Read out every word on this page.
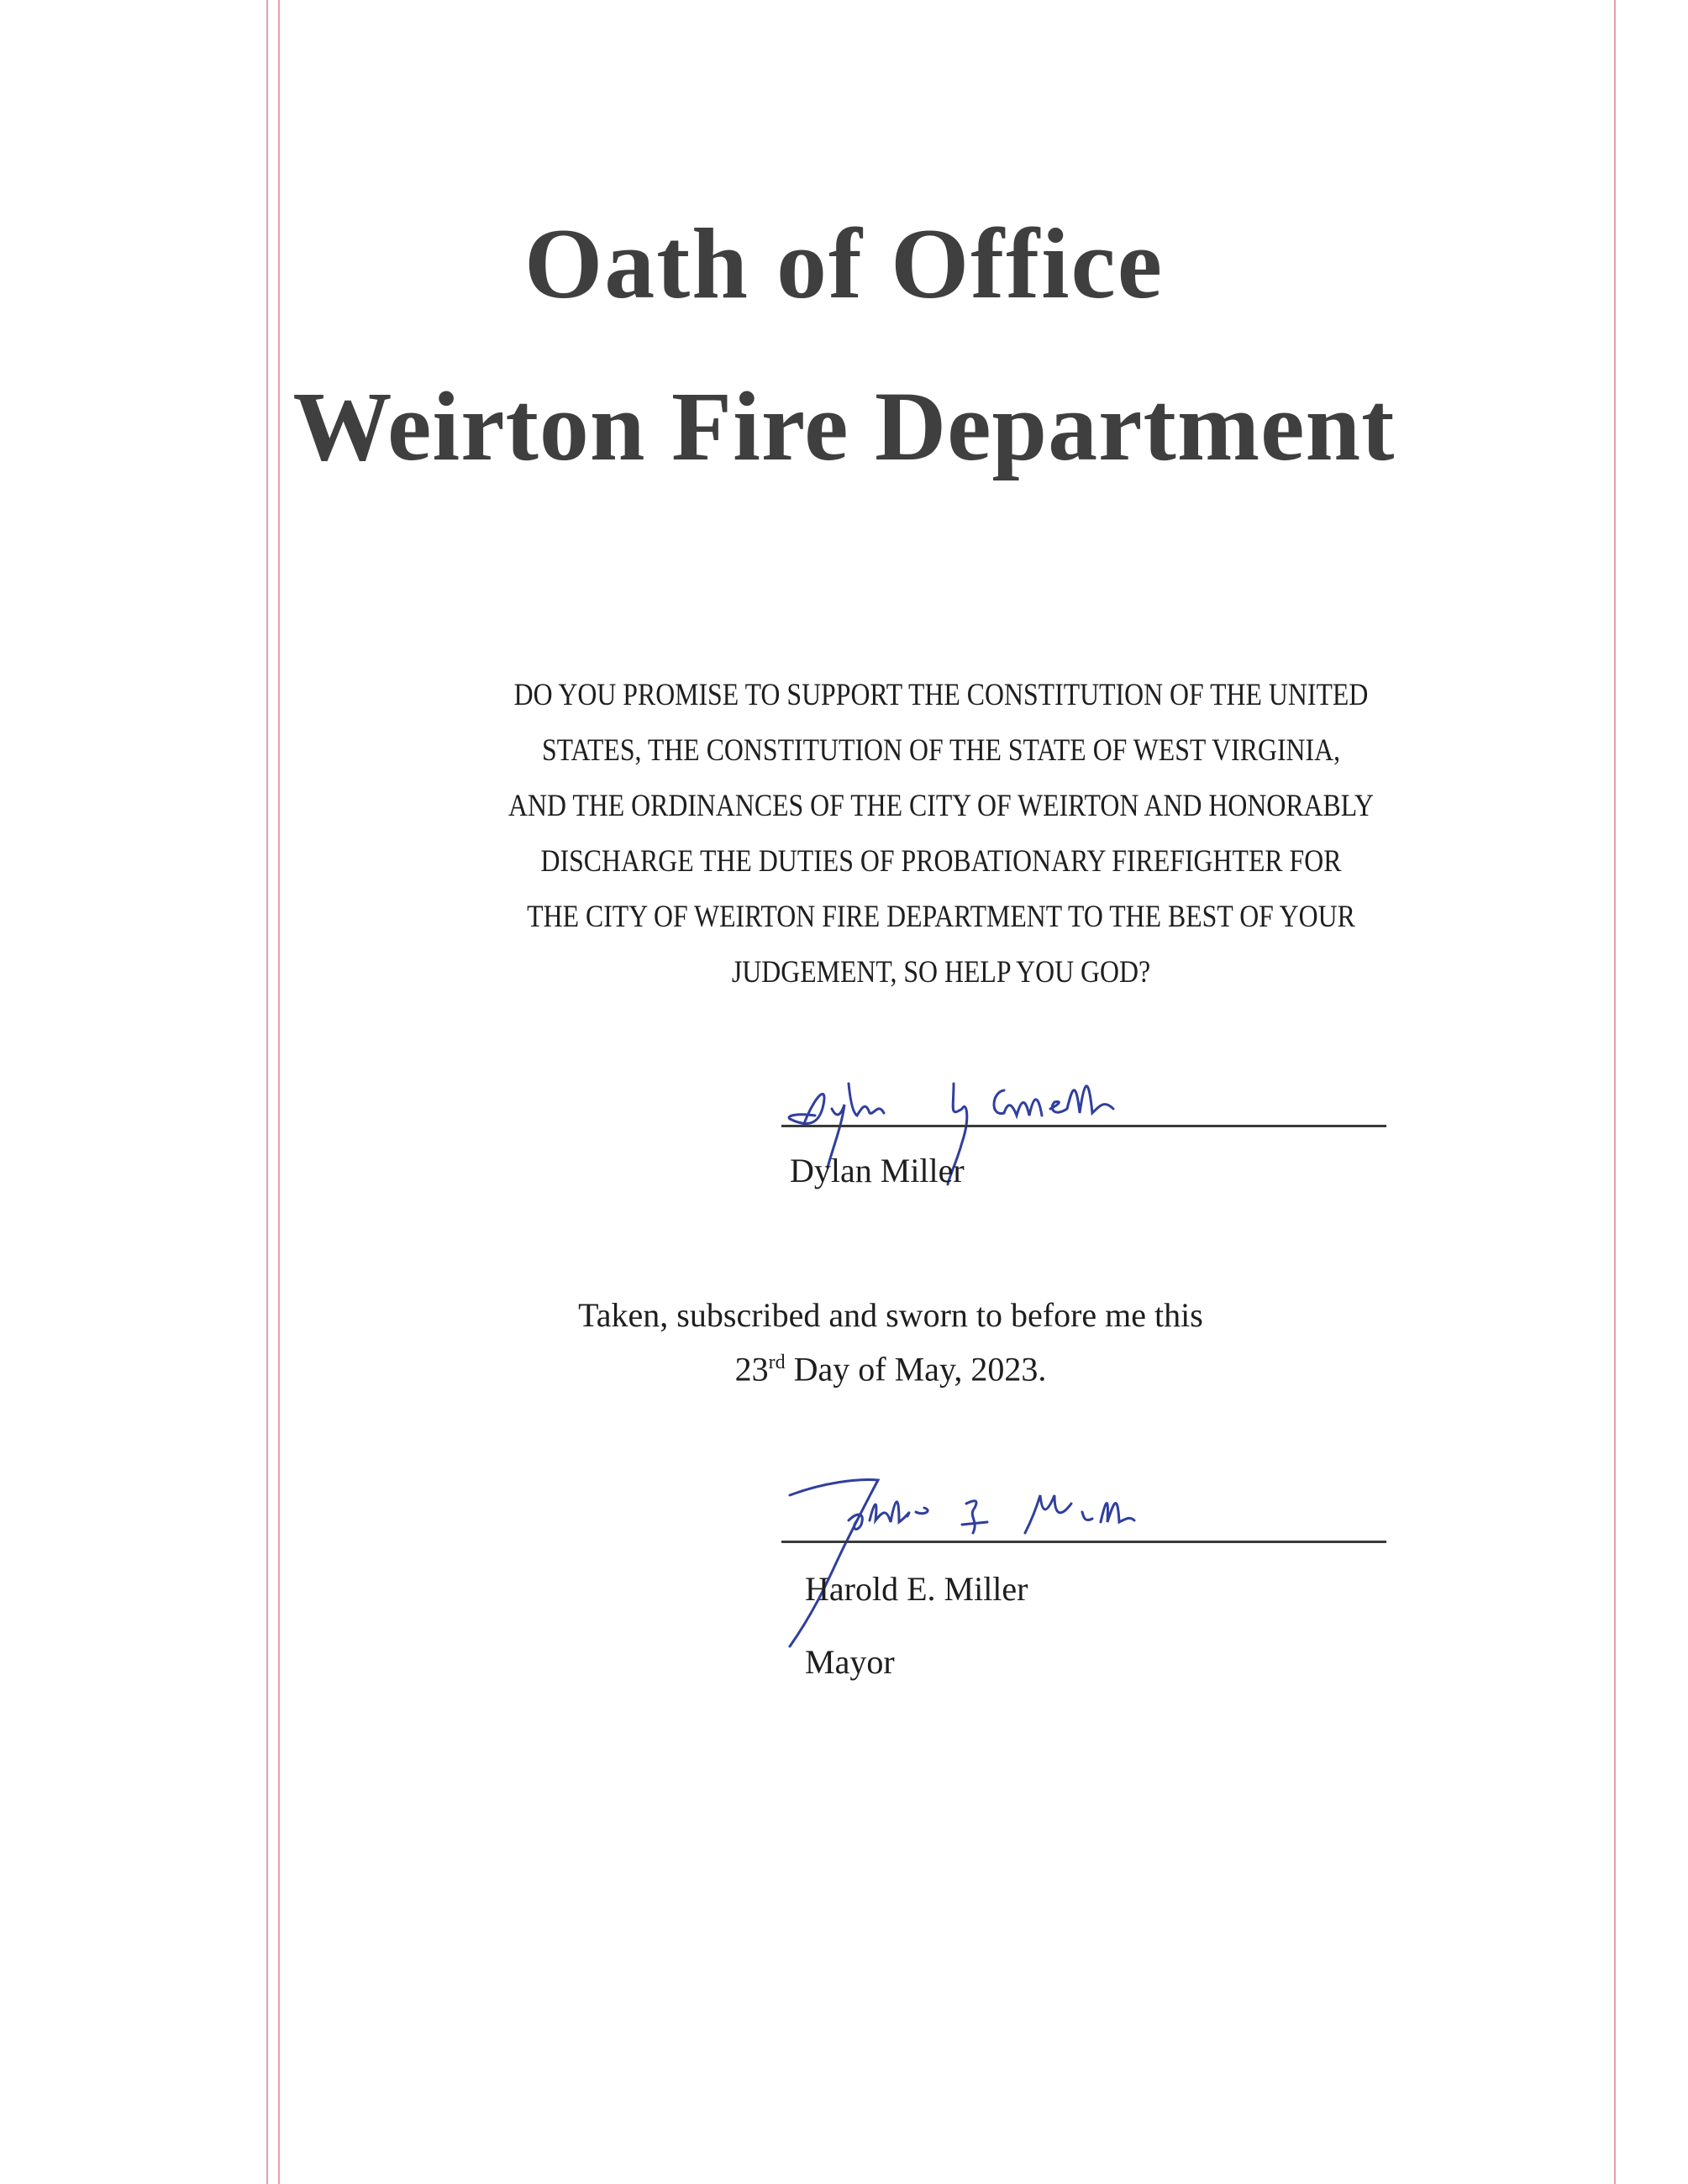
Oath of Office
Weirton Fire Department
DO YOU PROMISE TO SUPPORT THE CONSTITUTION OF THE UNITED
STATES, THE CONSTITUTION OF THE STATE OF WEST VIRGINIA,
AND THE ORDINANCES OF THE CITY OF WEIRTON AND HONORABLY
DISCHARGE THE DUTIES OF PROBATIONARY FIREFIGHTER FOR
THE CITY OF WEIRTON FIRE DEPARTMENT TO THE BEST OF YOUR
JUDGEMENT, SO HELP YOU GOD?
Dylan Miller
Taken, subscribed and sworn to before me this
23rd Day of May, 2023.
Harold E. Miller
Mayor
